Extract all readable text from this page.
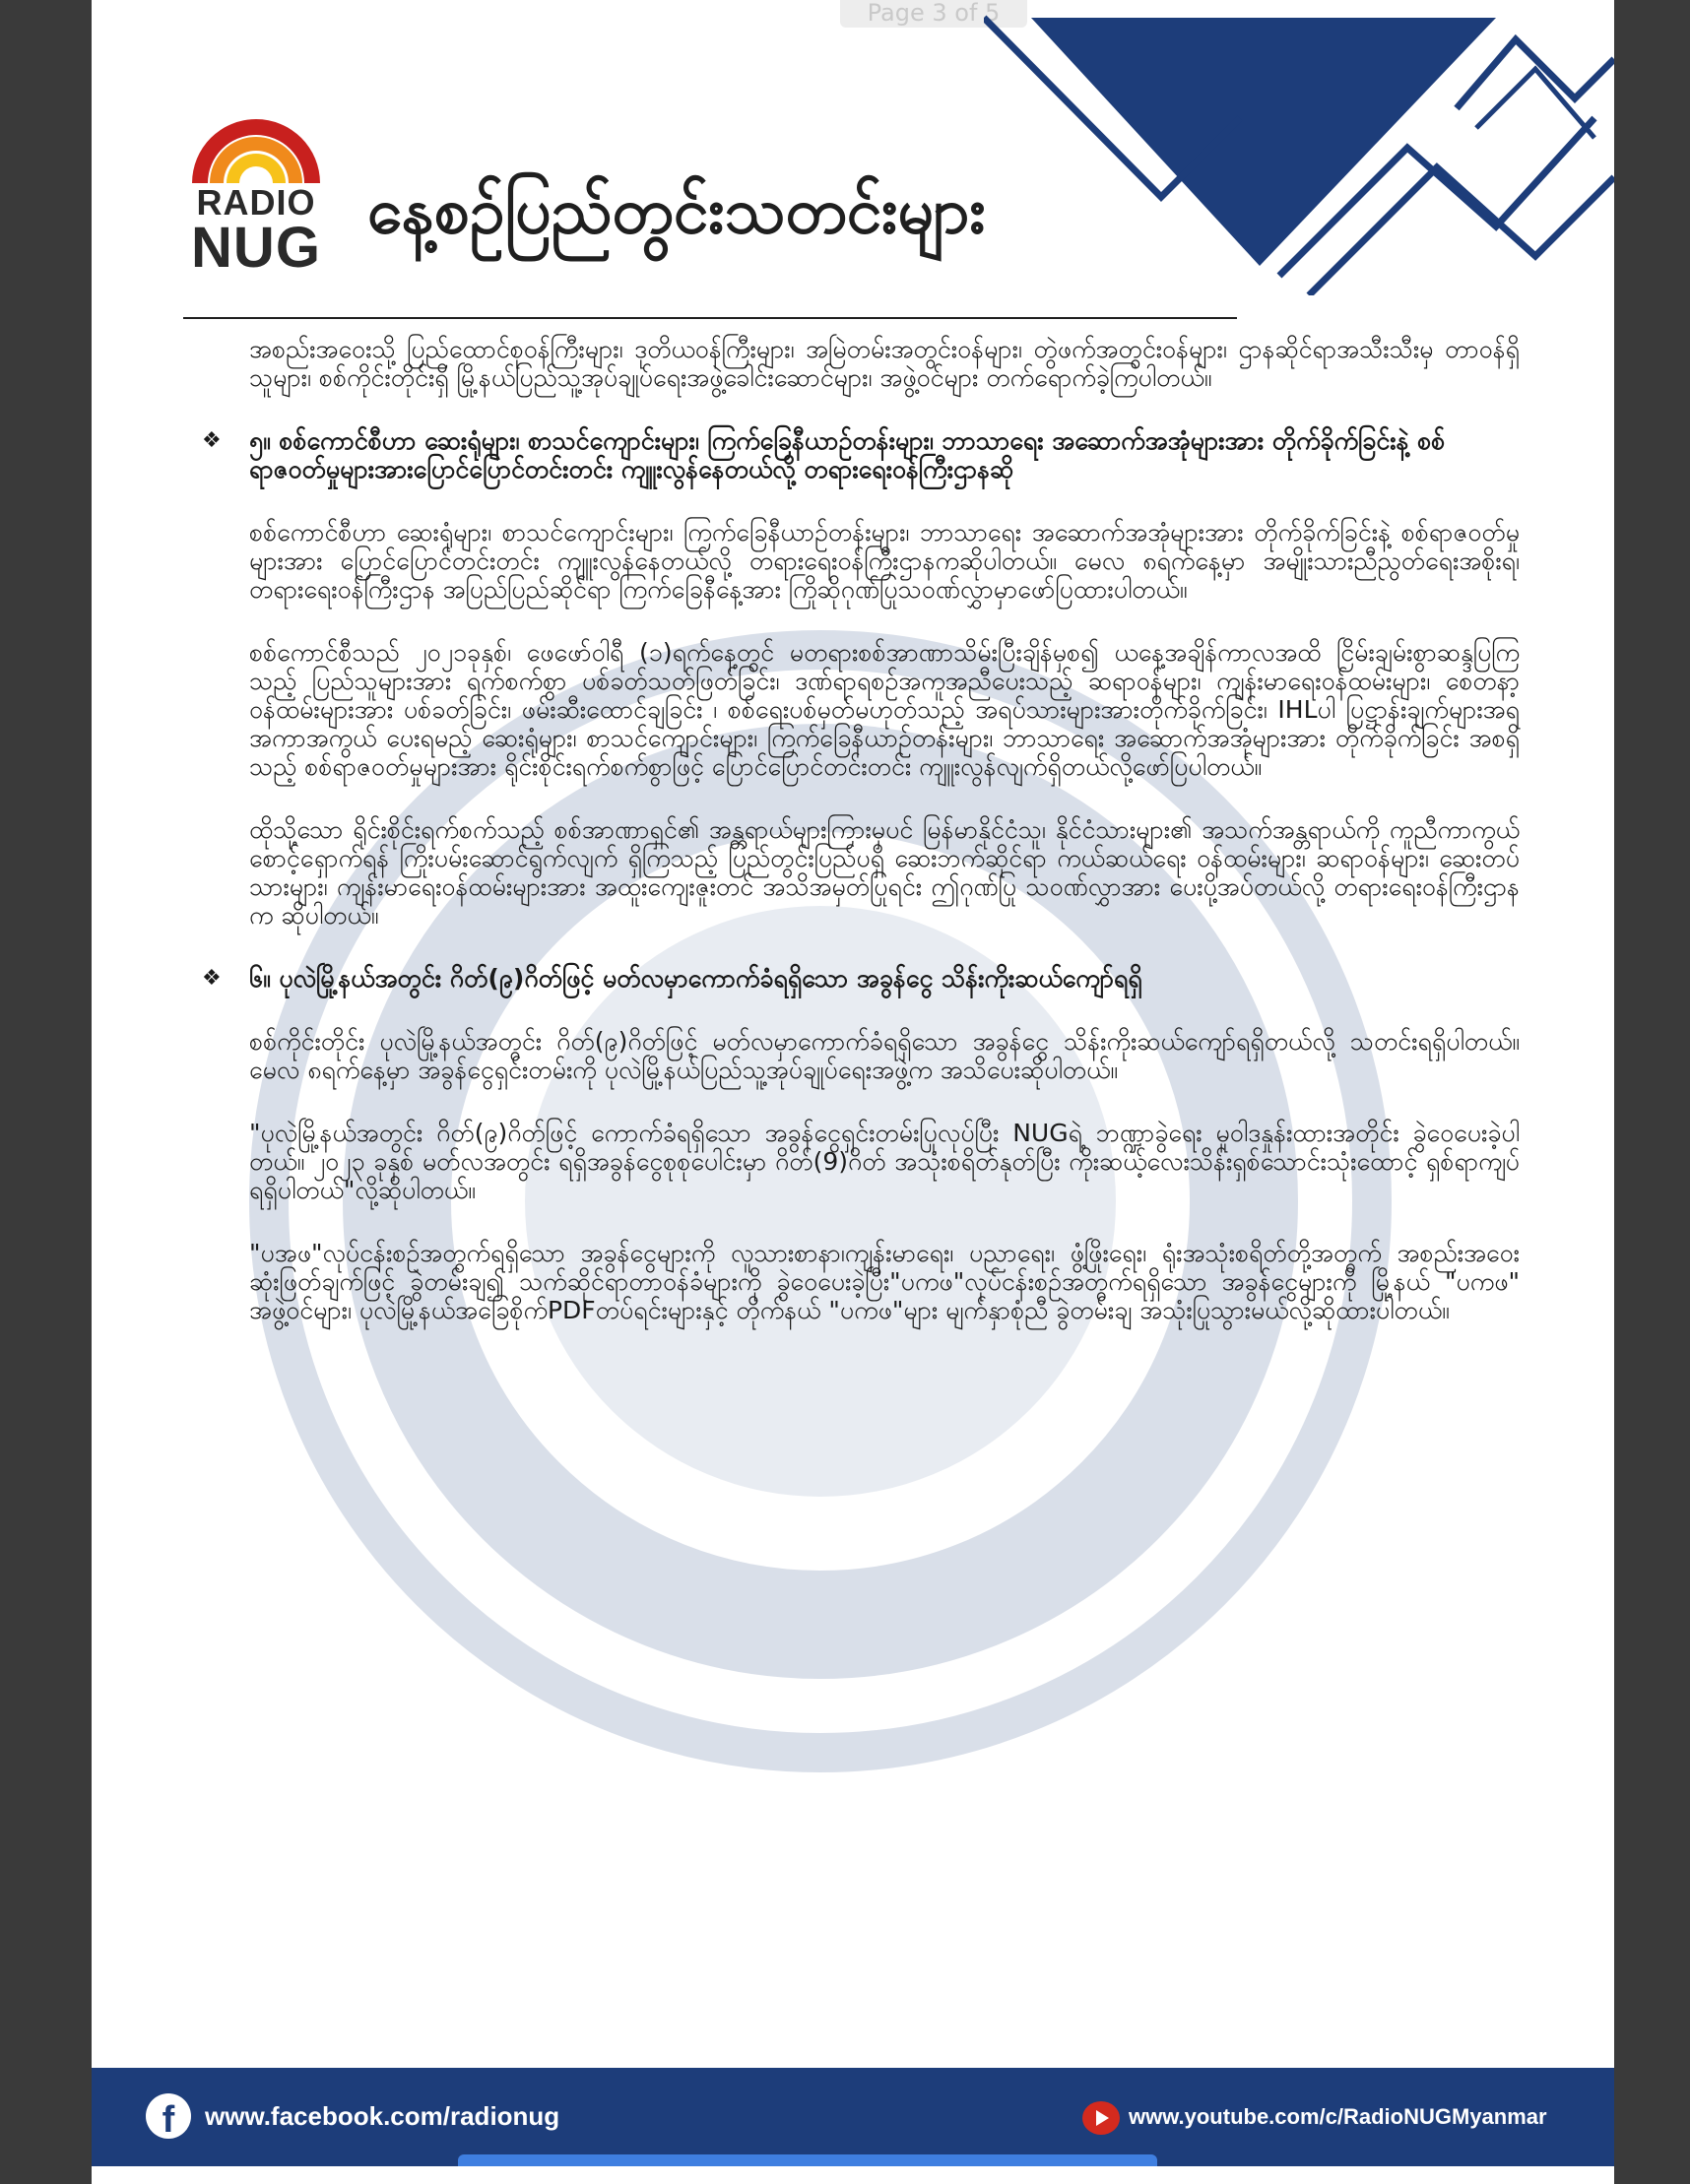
Page 3 of 5
RADIO
NUG နေ့စဉ်ပြည်တွင်းသတင်းများ

အစည်းအဝေးသို့ ပြည်ထောင်စုဝန်ကြီးများ၊ ဒုတိယဝန်ကြီးများ၊ အမြဲတမ်းအတွင်းဝန်များ၊ တွဲဖက်အတွင်းဝန်များ၊ ဌာနဆိုင်ရာအသီးသီးမှ တာဝန်ရှိသူများ၊ စစ်ကိုင်းတိုင်းရှိ မြို့နယ်ပြည်သူ့အုပ်ချုပ်ရေးအဖွဲ့ခေါင်းဆောင်များ၊ အဖွဲ့ဝင်များ တက်ရောက်ခဲ့ကြပါတယ်။

❖ ၅။ စစ်ကောင်စီဟာ ဆေးရုံများ၊ စာသင်ကျောင်းများ၊ ကြက်ခြေနီယာဉ်တန်းများ၊ ဘာသာရေး အဆောက်အအုံများအား တိုက်ခိုက်ခြင်းနဲ့ စစ်ရာဇဝတ်မှုများအားပြောင်ပြောင်တင်းတင်း ကျူးလွန်နေတယ်လို့ တရားရေးဝန်ကြီးဌာနဆို

စစ်ကောင်စီဟာ ဆေးရုံများ၊ စာသင်ကျောင်းများ၊ ကြက်ခြေနီယာဉ်တန်းများ၊ ဘာသာရေး အဆောက်အအုံများအား တိုက်ခိုက်ခြင်းနဲ့ စစ်ရာဇဝတ်မှုများအား ပြောင်ပြောင်တင်းတင်း ကျူးလွန်နေတယ်လို့ တရားရေးဝန်ကြီးဌာနကဆိုပါတယ်။ မေလ ၈ရက်နေ့မှာ အမျိုးသားညီညွတ်ရေးအစိုးရ၊ တရားရေးဝန်ကြီးဌာန အပြည်ပြည်ဆိုင်ရာ ကြက်ခြေနီနေ့အား ကြိုဆိုဂုဏ်ပြုသဝဏ်လွှာမှာဖော်ပြထားပါတယ်။

စစ်ကောင်စီသည် ၂၀၂၁ခုနှစ်၊ ဖေဖော်ဝါရီ (၁)ရက်နေ့တွင် မတရားစစ်အာဏာသိမ်းပြီးချိန်မှစ၍ ယနေ့အချိန်ကာလအထိ ငြိမ်းချမ်းစွာဆန္ဒပြကြသည့် ပြည်သူများအား ရက်စက်စွာ ပစ်ခတ်သတ်ဖြတ်ခြင်း၊ ဒဏ်ရာရစဉ်အကူအညီပေးသည့် ဆရာဝန်များ၊ ကျန်းမာရေးဝန်ထမ်းများ၊ စေတနာ့ ဝန်ထမ်းများအား ပစ်ခတ်ခြင်း၊ ဖမ်းဆီးထောင်ချခြင်း ၊ စစ်ရေးပစ်မှတ်မဟုတ်သည့် အရပ်သားများအားတိုက်ခိုက်ခြင်း၊ IHLပါ ပြဋ္ဌာန်းချက်များအရ အကာအကွယ် ပေးရမည့် ဆေးရုံများ၊ စာသင်ကျောင်းများ၊ ကြက်ခြေနီယာဉ်တန်းများ၊ ဘာသာရေး အဆောက်အအုံများအား တိုက်ခိုက်ခြင်း အစရှိသည့် စစ်ရာဇဝတ်မှုများအား ရိုင်းစိုင်းရက်စက်စွာဖြင့် ပြောင်ပြောင်တင်းတင်း ကျူးလွန်လျက်ရှိတယ်လို့ဖော်ပြပါတယ်။

ထိုသို့သော ရိုင်းစိုင်းရက်စက်သည့် စစ်အာဏာရှင်၏ အန္တရာယ်များကြားမှပင် မြန်မာနိုင်ငံသူ၊ နိုင်ငံသားများ၏ အသက်အန္တရာယ်ကို ကူညီကာကွယ် စောင့်ရှောက်ရန် ကြိုးပမ်းဆောင်ရွက်လျက် ရှိကြသည့် ပြည်တွင်းပြည်ပရှိ ဆေးဘက်ဆိုင်ရာ ကယ်ဆယ်ရေး ဝန်ထမ်းများ၊ ဆရာဝန်များ၊ ဆေးတပ်သားများ၊ ကျန်းမာရေးဝန်ထမ်းများအား အထူးကျေးဇူးတင် အသိအမှတ်ပြုရင်း ဤဂုဏ်ပြု သဝဏ်လွှာအား ပေးပို့အပ်တယ်လို့ တရားရေးဝန်ကြီးဌာနက ဆိုပါတယ်။

❖ ၆။ ပုလဲမြို့နယ်အတွင်း ဂိတ်(၉)ဂိတ်ဖြင့် မတ်လမှာကောက်ခံရရှိသော အခွန်ငွေ သိန်းကိုးဆယ်ကျော်ရရှိ

စစ်ကိုင်းတိုင်း ပုလဲမြို့နယ်အတွင်း ဂိတ်(၉)ဂိတ်ဖြင့် မတ်လမှာကောက်ခံရရှိသော အခွန်ငွေ သိန်းကိုးဆယ်ကျော်ရရှိတယ်လို့ သတင်းရရှိပါတယ်။ မေလ ၈ရက်နေ့မှာ အခွန်ငွေရှင်းတမ်းကို ပုလဲမြို့နယ်ပြည်သူ့အုပ်ချုပ်ရေးအဖွဲ့က အသိပေးဆိုပါတယ်။

"ပုလဲမြို့နယ်အတွင်း ဂိတ်(၉)ဂိတ်ဖြင့် ကောက်ခံရရှိသော အခွန်ငွေရှင်းတမ်းပြုလုပ်ပြီး NUGရဲ့ ဘဏ္ဍာခွဲရေး မူဝါဒနှုန်းထားအတိုင်း ခွဲဝေပေးခဲ့ပါတယ်။ ၂၀၂၃ ခုနှစ် မတ်လအတွင်း ရရှိအခွန်ငွေစုစုပေါင်းမှာ ဂိတ်(9)ဂိတ် အသုံးစရိတ်နုတ်ပြီး ကိုးဆယ့်လေးသိန်းရှစ်သောင်းသုံးထောင့် ရှစ်ရာကျပ် ရရှိပါတယ်"လို့ဆိုပါတယ်။

"ပအဖ"လုပ်ငန်းစဉ်အတွက်ရရှိသော အခွန်ငွေများကို လူသားစာနာ၊ကျန်းမာရေး၊ ပညာရေး၊ ဖွံ့ဖြိုးရေး၊ ရုံးအသုံးစရိတ်တို့အတွက် အစည်းအဝေးဆုံးဖြတ်ချက်ဖြင့် ခွဲတမ်းချ၍ သက်ဆိုင်ရာတာဝန်ခံများကို ခွဲဝေပေးခဲ့ပြီး"ပကဖ"လုပ်ငန်းစဉ်အတွက်ရရှိသော အခွန်ငွေများကို မြို့နယ် "ပကဖ" အဖွဲ့ဝင်များ၊ ပုလဲမြို့နယ်အခြေစိုက်PDFတပ်ရင်းများနှင့် တိုက်နယ် "ပကဖ"များ မျက်နှာစုံညီ ခွဲတမ်းချ အသုံးပြုသွားမယ်လို့ဆိုထားပါတယ်။

f	www.facebook.com/radionug	www.youtube.com/c/RadioNUGMyanmar
